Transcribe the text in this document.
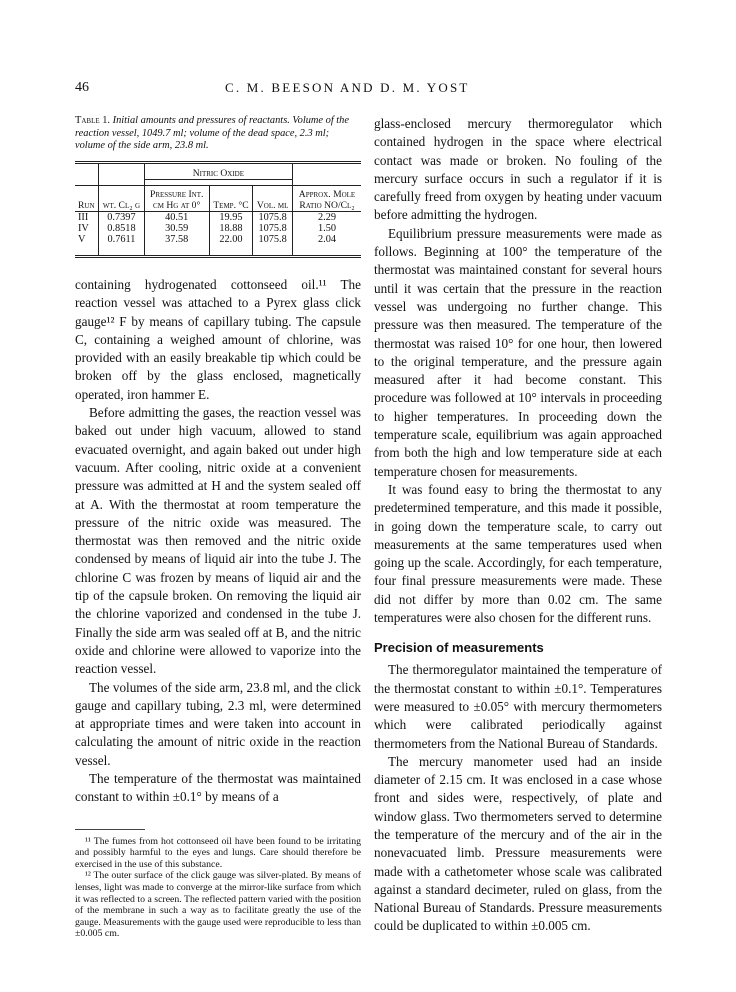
46	C. M. BEESON AND D. M. YOST
Table 1. Initial amounts and pressures of reactants. Volume of the reaction vessel, 1049.7 ml; volume of the dead space, 2.3 ml; volume of the side arm, 23.8 ml.
		Nitric Oxide			

Run	wt. Cl₂ g	Pressure Int. cm Hg at 0°	Temp. °C	Vol. ml	Approx. Mole Ratio NO/Cl₂
III	0.7397	40.51	19.95	1075.8	2.29
IV	0.8518	30.59	18.88	1075.8	1.50
V	0.7611	37.58	22.00	1075.8	2.04

containing hydrogenated cottonseed oil.¹¹ The reaction vessel was attached to a Pyrex glass click gauge¹² F by means of capillary tubing. The capsule C, containing a weighed amount of chlorine, was provided with an easily breakable tip which could be broken off by the glass enclosed, magnetically operated, iron hammer E.

Before admitting the gases, the reaction vessel was baked out under high vacuum, allowed to stand evacuated overnight, and again baked out under high vacuum. After cooling, nitric oxide at a convenient pressure was admitted at H and the system sealed off at A. With the thermostat at room temperature the pressure of the nitric oxide was measured. The thermostat was then removed and the nitric oxide condensed by means of liquid air into the tube J. The chlorine C was frozen by means of liquid air and the tip of the capsule broken. On removing the liquid air the chlorine vaporized and condensed in the tube J. Finally the side arm was sealed off at B, and the nitric oxide and chlorine were allowed to vaporize into the reaction vessel.

The volumes of the side arm, 23.8 ml, and the click gauge and capillary tubing, 2.3 ml, were determined at appropriate times and were taken into account in calculating the amount of nitric oxide in the reaction vessel.

The temperature of the thermostat was maintained constant to within ±0.1° by means of a

¹¹ The fumes from hot cottonseed oil have been found to be irritating and possibly harmful to the eyes and lungs. Care should therefore be exercised in the use of this substance.

¹² The outer surface of the click gauge was silver-plated. By means of lenses, light was made to converge at the mirror-like surface from which it was reflected to a screen. The reflected pattern varied with the position of the membrane in such a way as to facilitate greatly the use of the gauge. Measurements with the gauge used were reproducible to less than ±0.005 cm.

glass-enclosed mercury thermoregulator which contained hydrogen in the space where electrical contact was made or broken. No fouling of the mercury surface occurs in such a regulator if it is carefully freed from oxygen by heating under vacuum before admitting the hydrogen.

Equilibrium pressure measurements were made as follows. Beginning at 100° the temperature of the thermostat was maintained constant for several hours until it was certain that the pressure in the reaction vessel was undergoing no further change. This pressure was then measured. The temperature of the thermostat was raised 10° for one hour, then lowered to the original temperature, and the pressure again measured after it had become constant. This procedure was followed at 10° intervals in proceeding to higher temperatures. In proceeding down the temperature scale, equilibrium was again approached from both the high and low temperature side at each temperature chosen for measurements.

It was found easy to bring the thermostat to any predetermined temperature, and this made it possible, in going down the temperature scale, to carry out measurements at the same temperatures used when going up the scale. Accordingly, for each temperature, four final pressure measurements were made. These did not differ by more than 0.02 cm. The same temperatures were also chosen for the different runs.

Precision of measurements

The thermoregulator maintained the temperature of the thermostat constant to within ±0.1°. Temperatures were measured to ±0.05° with mercury thermometers which were calibrated periodically against thermometers from the National Bureau of Standards.

The mercury manometer used had an inside diameter of 2.15 cm. It was enclosed in a case whose front and sides were, respectively, of plate and window glass. Two thermometers served to determine the temperature of the mercury and of the air in the nonevacuated limb. Pressure measurements were made with a cathetometer whose scale was calibrated against a standard decimeter, ruled on glass, from the National Bureau of Standards. Pressure measurements could be duplicated to within ±0.005 cm.
